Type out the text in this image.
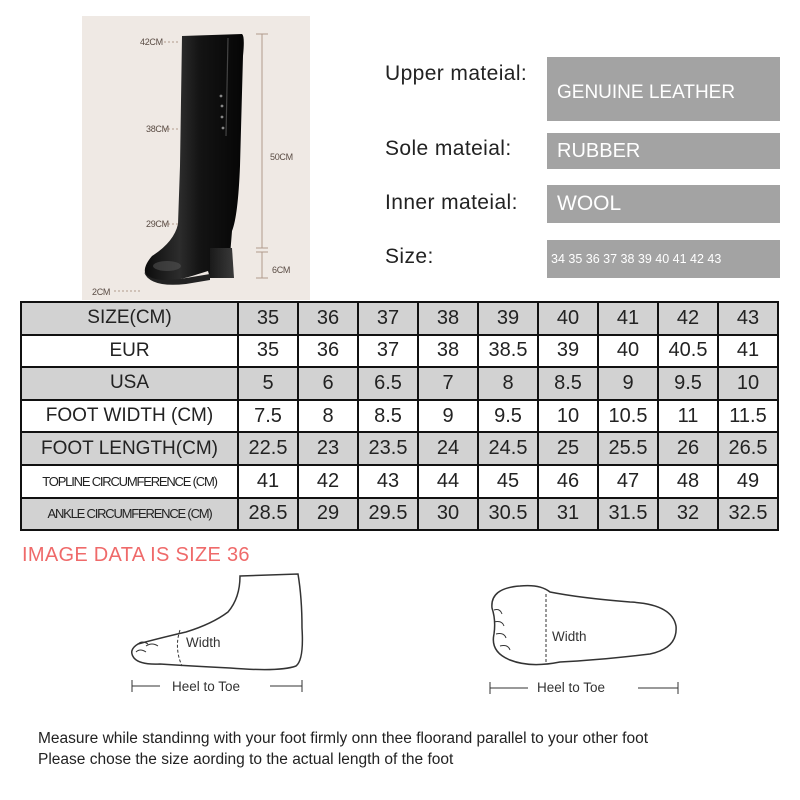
42CM
38CM
29CM
50CM
6CM
2CM
Upper mateial:
GENUINE LEATHER
Sole mateial:	RUBBER
Inner mateial:	WOOL
Size:	34 35 36 37 38 39 40 41 42 43
SIZE(CM)	35	36	37	38	39	40	41	42	43
EUR	35	36	37	38	38.5	39	40	40.5	41
USA	5	6	6.5	7	8	8.5	9	9.5	10
FOOT WIDTH (CM)	7.5	8	8.5	9	9.5	10	10.5	11	11.5
FOOT LENGTH(CM)	22.5	23	23.5	24	24.5	25	25.5	26	26.5
TOPLINE CIRCUMFERENCE (CM)	41	42	43	44	45	46	47	48	49
ANKLE CIRCUMFERENCE (CM)	28.5	29	29.5	30	30.5	31	31.5	32	32.5
IMAGE DATA IS SIZE 36
Width
Heel to Toe
Width
Heel to Toe
Measure while standinng with your foot firmly onn thee floorand parallel to your other foot
Please chose the size aording to the actual length of the foot
